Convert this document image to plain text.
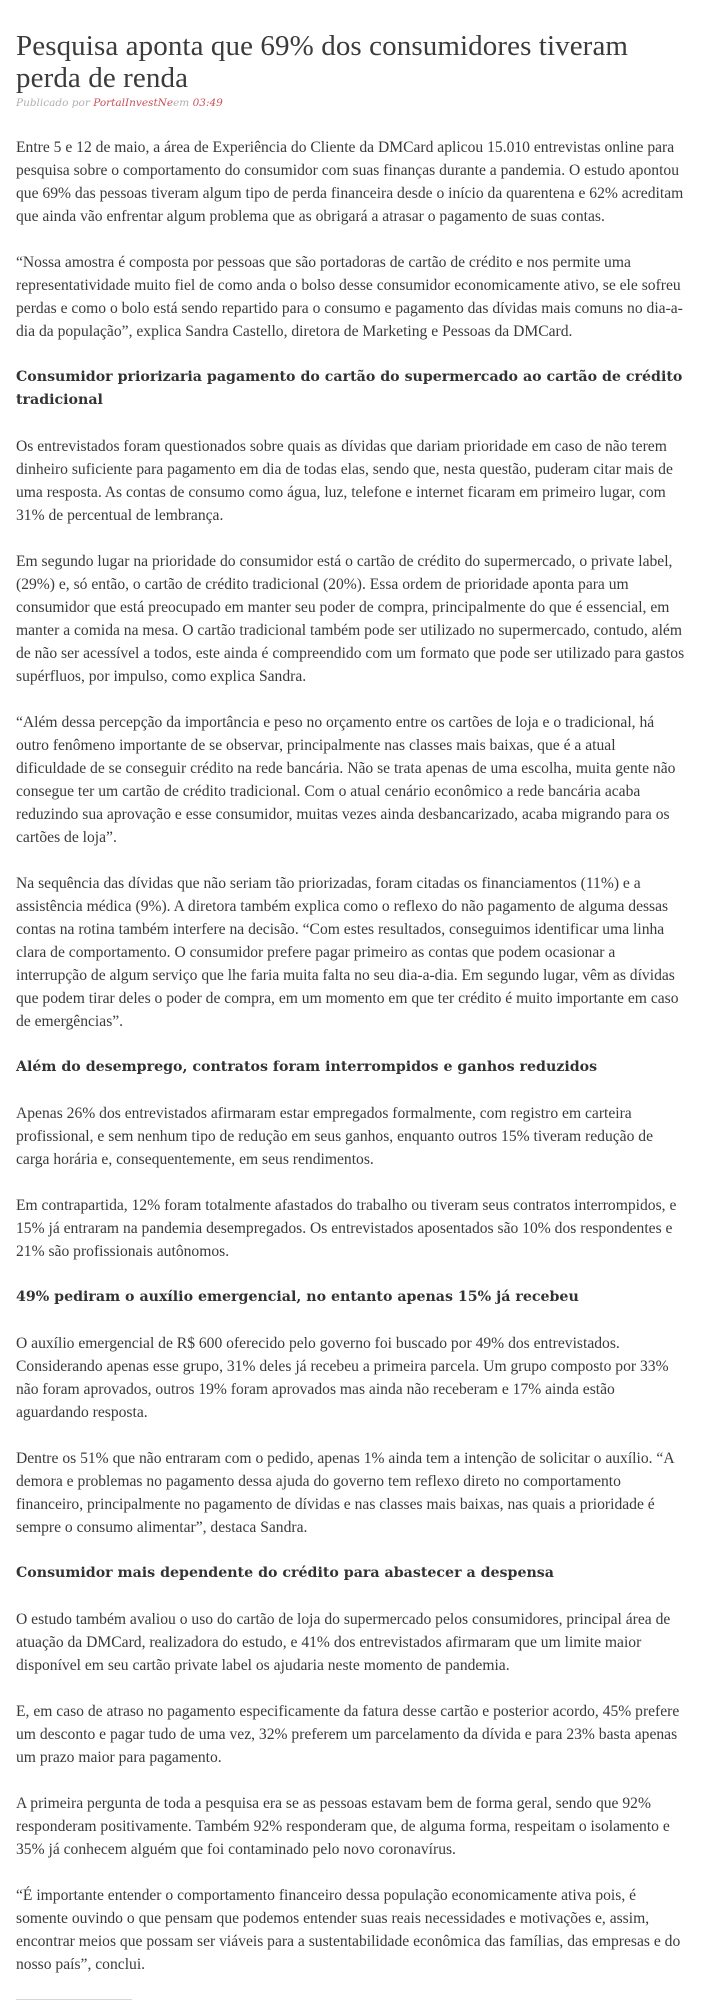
Pesquisa aponta que 69% dos consumidores tiveram perda de renda
Publicado por PortalInvestNeem 03:49

Entre 5 e 12 de maio, a área de Experiência do Cliente da DMCard aplicou 15.010 entrevistas online para pesquisa sobre o comportamento do consumidor com suas finanças durante a pandemia. O estudo apontou que 69% das pessoas tiveram algum tipo de perda financeira desde o início da quarentena e 62% acreditam que ainda vão enfrentar algum problema que as obrigará a atrasar o pagamento de suas contas.

“Nossa amostra é composta por pessoas que são portadoras de cartão de crédito e nos permite uma representatividade muito fiel de como anda o bolso desse consumidor economicamente ativo, se ele sofreu perdas e como o bolo está sendo repartido para o consumo e pagamento das dívidas mais comuns no dia-a-dia da população”, explica Sandra Castello, diretora de Marketing e Pessoas da DMCard.

Consumidor priorizaria pagamento do cartão do supermercado ao cartão de crédito tradicional

Os entrevistados foram questionados sobre quais as dívidas que dariam prioridade em caso de não terem dinheiro suficiente para pagamento em dia de todas elas, sendo que, nesta questão, puderam citar mais de uma resposta. As contas de consumo como água, luz, telefone e internet ficaram em primeiro lugar, com 31% de percentual de lembrança.

Em segundo lugar na prioridade do consumidor está o cartão de crédito do supermercado, o private label, (29%) e, só então, o cartão de crédito tradicional (20%). Essa ordem de prioridade aponta para um consumidor que está preocupado em manter seu poder de compra, principalmente do que é essencial, em manter a comida na mesa. O cartão tradicional também pode ser utilizado no supermercado, contudo, além de não ser acessível a todos, este ainda é compreendido com um formato que pode ser utilizado para gastos supérfluos, por impulso, como explica Sandra.

“Além dessa percepção da importância e peso no orçamento entre os cartões de loja e o tradicional, há outro fenômeno importante de se observar, principalmente nas classes mais baixas, que é a atual dificuldade de se conseguir crédito na rede bancária. Não se trata apenas de uma escolha, muita gente não consegue ter um cartão de crédito tradicional. Com o atual cenário econômico a rede bancária acaba reduzindo sua aprovação e esse consumidor, muitas vezes ainda desbancarizado, acaba migrando para os cartões de loja”.

Na sequência das dívidas que não seriam tão priorizadas, foram citadas os financiamentos (11%) e a assistência médica (9%). A diretora também explica como o reflexo do não pagamento de alguma dessas contas na rotina também interfere na decisão. “Com estes resultados, conseguimos identificar uma linha clara de comportamento. O consumidor prefere pagar primeiro as contas que podem ocasionar a interrupção de algum serviço que lhe faria muita falta no seu dia-a-dia. Em segundo lugar, vêm as dívidas que podem tirar deles o poder de compra, em um momento em que ter crédito é muito importante em caso de emergências”.

Além do desemprego, contratos foram interrompidos e ganhos reduzidos

Apenas 26% dos entrevistados afirmaram estar empregados formalmente, com registro em carteira profissional, e sem nenhum tipo de redução em seus ganhos, enquanto outros 15% tiveram redução de carga horária e, consequentemente, em seus rendimentos.

Em contrapartida, 12% foram totalmente afastados do trabalho ou tiveram seus contratos interrompidos, e 15% já entraram na pandemia desempregados. Os entrevistados aposentados são 10% dos respondentes e 21% são profissionais autônomos.

49% pediram o auxílio emergencial, no entanto apenas 15% já recebeu

O auxílio emergencial de R$ 600 oferecido pelo governo foi buscado por 49% dos entrevistados. Considerando apenas esse grupo, 31% deles já recebeu a primeira parcela. Um grupo composto por 33% não foram aprovados, outros 19% foram aprovados mas ainda não receberam e 17% ainda estão aguardando resposta.

Dentre os 51% que não entraram com o pedido, apenas 1% ainda tem a intenção de solicitar o auxílio. “A demora e problemas no pagamento dessa ajuda do governo tem reflexo direto no comportamento financeiro, principalmente no pagamento de dívidas e nas classes mais baixas, nas quais a prioridade é sempre o consumo alimentar”, destaca Sandra.

Consumidor mais dependente do crédito para abastecer a despensa

O estudo também avaliou o uso do cartão de loja do supermercado pelos consumidores, principal área de atuação da DMCard, realizadora do estudo, e 41% dos entrevistados afirmaram que um limite maior disponível em seu cartão private label os ajudaria neste momento de pandemia.

E, em caso de atraso no pagamento especificamente da fatura desse cartão e posterior acordo, 45% prefere um desconto e pagar tudo de uma vez, 32% preferem um parcelamento da dívida e para 23% basta apenas um prazo maior para pagamento.

A primeira pergunta de toda a pesquisa era se as pessoas estavam bem de forma geral, sendo que 92% responderam positivamente. Também 92% responderam que, de alguma forma, respeitam o isolamento e 35% já conhecem alguém que foi contaminado pelo novo coronavírus.

“É importante entender o comportamento financeiro dessa população economicamente ativa pois, é somente ouvindo o que pensam que podemos entender suas reais necessidades e motivações e, assim, encontrar meios que possam ser viáveis para a sustentabilidade econômica das famílias, das empresas e do nosso país”, conclui.
